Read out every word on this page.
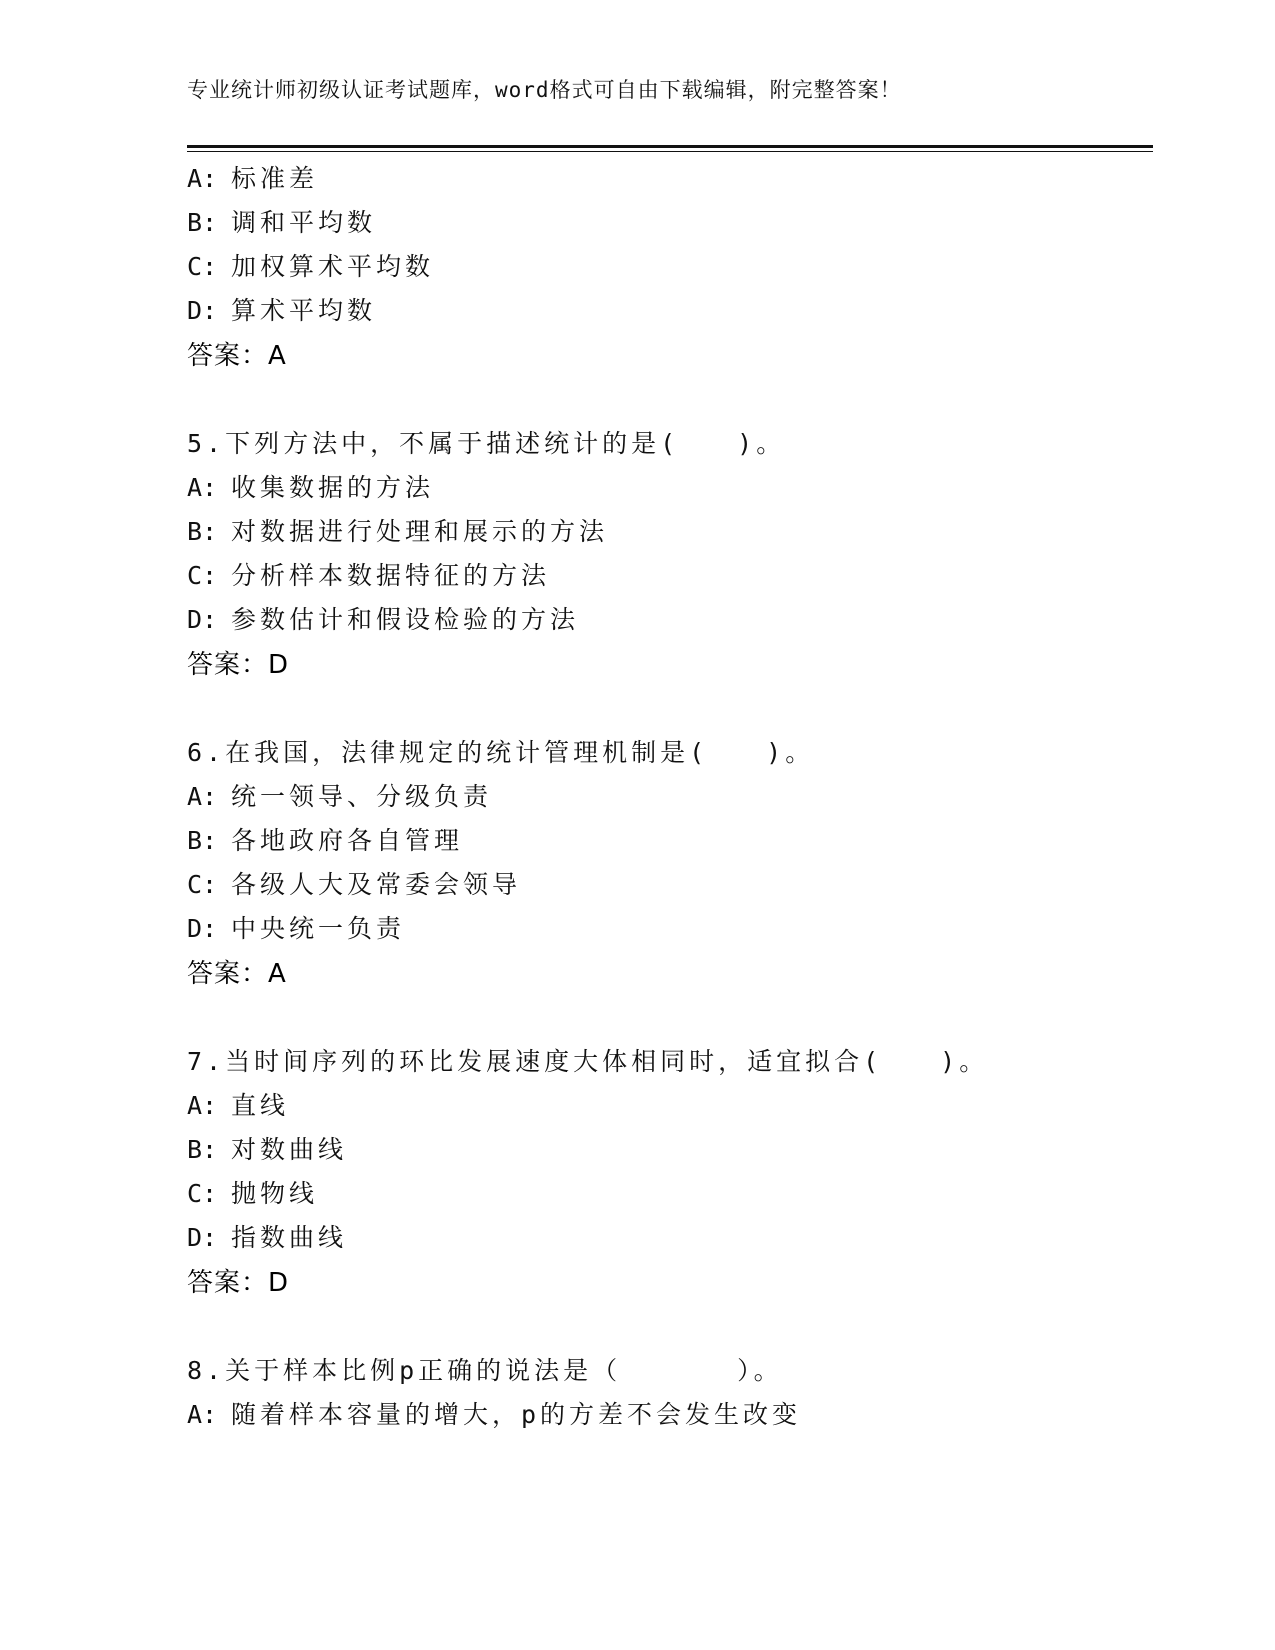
专业统计师初级认证考试题库，word格式可自由下载编辑，附完整答案！
A: 标准差
B: 调和平均数
C: 加权算术平均数
D: 算术平均数
答案：A
5.下列方法中，不属于描述统计的是(　　)。
A: 收集数据的方法
B: 对数据进行处理和展示的方法
C: 分析样本数据特征的方法
D: 参数估计和假设检验的方法
答案：D
6.在我国，法律规定的统计管理机制是(　　)。
A: 统一领导、分级负责
B: 各地政府各自管理
C: 各级人大及常委会领导
D: 中央统一负责
答案：A
7.当时间序列的环比发展速度大体相同时，适宜拟合(　　)。
A: 直线
B: 对数曲线
C: 抛物线
D: 指数曲线
答案：D
8.关于样本比例p正确的说法是（　　　　）。
A: 随着样本容量的增大，p的方差不会发生改变
